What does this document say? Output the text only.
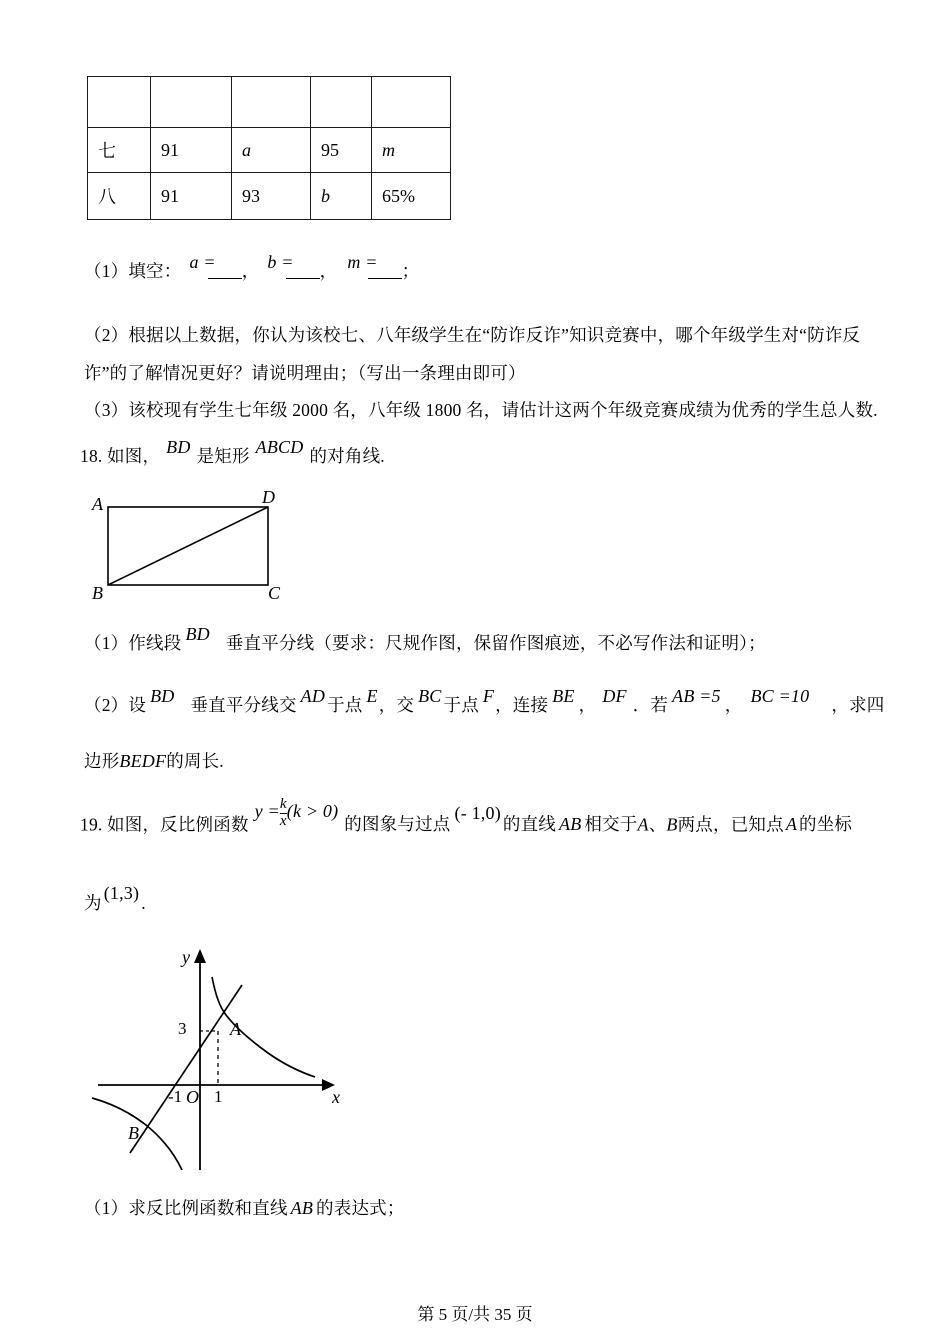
七	91	a	95	m
八	91	93	b	65%
（1）填空： a = ， b = ， m = ；
（2）根据以上数据，你认为该校七、八年级学生在“防诈反诈”知识竞赛中，哪个年级学生对“防诈反
诈”的了解情况更好？请说明理由；（写出一条理由即可）
（3）该校现有学生七年级 2000 名，八年级 1800 名，请估计这两个年级竞赛成绩为优秀的学生总人数.
18. 如图， BD 是矩形 ABCD 的对角线.
A	D
B	C
（1）作线段 BD 垂直平分线（要求：尺规作图，保留作图痕迹，不必写作法和证明）；
（2）设 BD 垂直平分线交 AD 于点 E，交 BC 于点 F，连接 BE ， DF ．若 AB =5 ， BC =10 ，求四
边形BEDF的周长.
19. 如图，反比例函数$y = \frac{k}{x} (k > 0)$的图象与过点(- 1,0)的直线 AB 相交于A、B两点，已知点 A 的坐标
为 (1,3) .
y
x
3
-1 O 1
A
B
（1）求反比例函数和直线 AB 的表达式；
第 5 页/共 35 页
